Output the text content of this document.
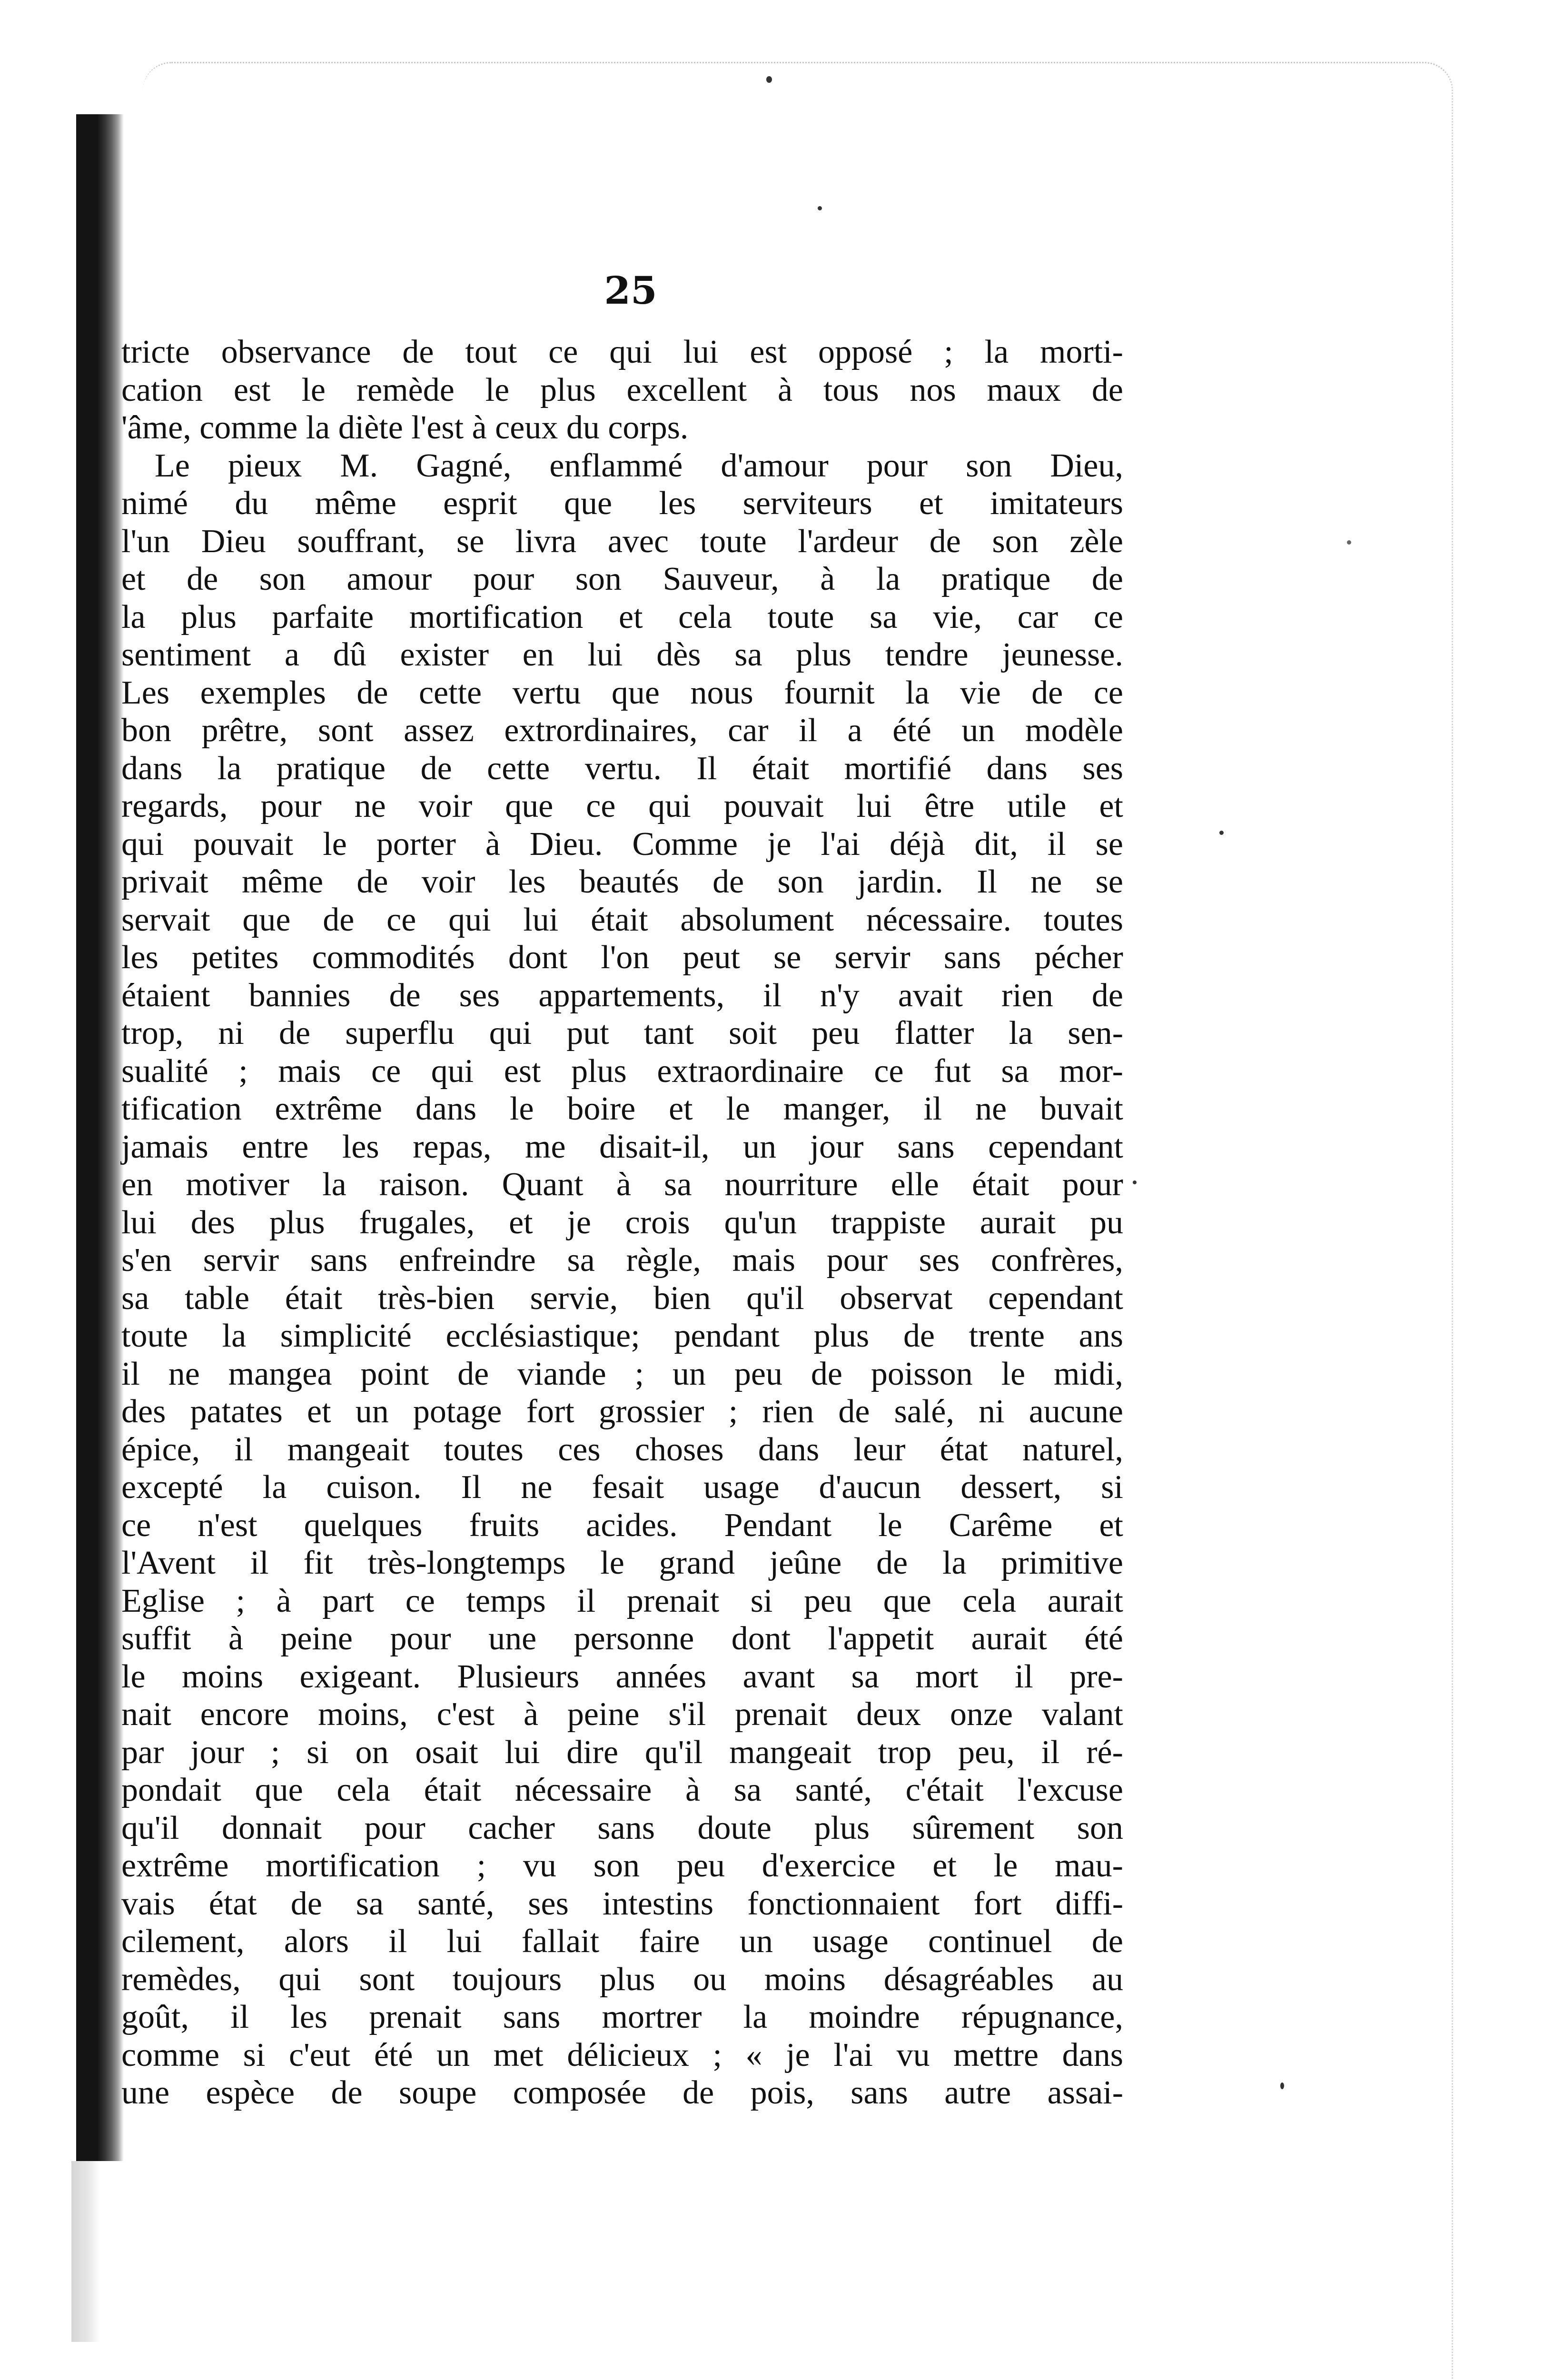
25
tricte observance de tout ce qui lui est opposé ; la morti-
cation est le remède le plus excellent à tous nos maux de
'âme, comme la diète l'est à ceux du corps.
Le pieux M. Gagné, enflammé d'amour pour son Dieu,
nimé du même esprit que les serviteurs et imitateurs
l'un Dieu souffrant, se livra avec toute l'ardeur de son zèle
et de son amour pour son Sauveur, à la pratique de
la plus parfaite mortification et cela toute sa vie, car ce
sentiment a dû exister en lui dès sa plus tendre jeunesse.
Les exemples de cette vertu que nous fournit la vie de ce
bon prêtre, sont assez extrordinaires, car il a été un modèle
dans la pratique de cette vertu. Il était mortifié dans ses
regards, pour ne voir que ce qui pouvait lui être utile et
qui pouvait le porter à Dieu. Comme je l'ai déjà dit, il se
privait même de voir les beautés de son jardin. Il ne se
servait que de ce qui lui était absolument nécessaire. toutes
les petites commodités dont l'on peut se servir sans pécher
étaient bannies de ses appartements, il n'y avait rien de
trop, ni de superflu qui put tant soit peu flatter la sen-
sualité ; mais ce qui est plus extraordinaire ce fut sa mor-
tification extrême dans le boire et le manger, il ne buvait
jamais entre les repas, me disait-il, un jour sans cependant
en motiver la raison. Quant à sa nourriture elle était pour
lui des plus frugales, et je crois qu'un trappiste aurait pu
s'en servir sans enfreindre sa règle, mais pour ses confrères,
sa table était très-bien servie, bien qu'il observat cependant
toute la simplicité ecclésiastique; pendant plus de trente ans
il ne mangea point de viande ; un peu de poisson le midi,
des patates et un potage fort grossier ; rien de salé, ni aucune
épice, il mangeait toutes ces choses dans leur état naturel,
excepté la cuison. Il ne fesait usage d'aucun dessert, si
ce n'est quelques fruits acides. Pendant le Carême et
l'Avent il fit très-longtemps le grand jeûne de la primitive
Eglise ; à part ce temps il prenait si peu que cela aurait
suffit à peine pour une personne dont l'appetit aurait été
le moins exigeant. Plusieurs années avant sa mort il pre-
nait encore moins, c'est à peine s'il prenait deux onze valant
par jour ; si on osait lui dire qu'il mangeait trop peu, il ré-
pondait que cela était nécessaire à sa santé, c'était l'excuse
qu'il donnait pour cacher sans doute plus sûrement son
extrême mortification ; vu son peu d'exercice et le mau-
vais état de sa santé, ses intestins fonctionnaient fort diffi-
cilement, alors il lui fallait faire un usage continuel de
remèdes, qui sont toujours plus ou moins désagréables au
goût, il les prenait sans mortrer la moindre répugnance,
comme si c'eut été un met délicieux ; « je l'ai vu mettre dans
une espèce de soupe composée de pois, sans autre assai-
